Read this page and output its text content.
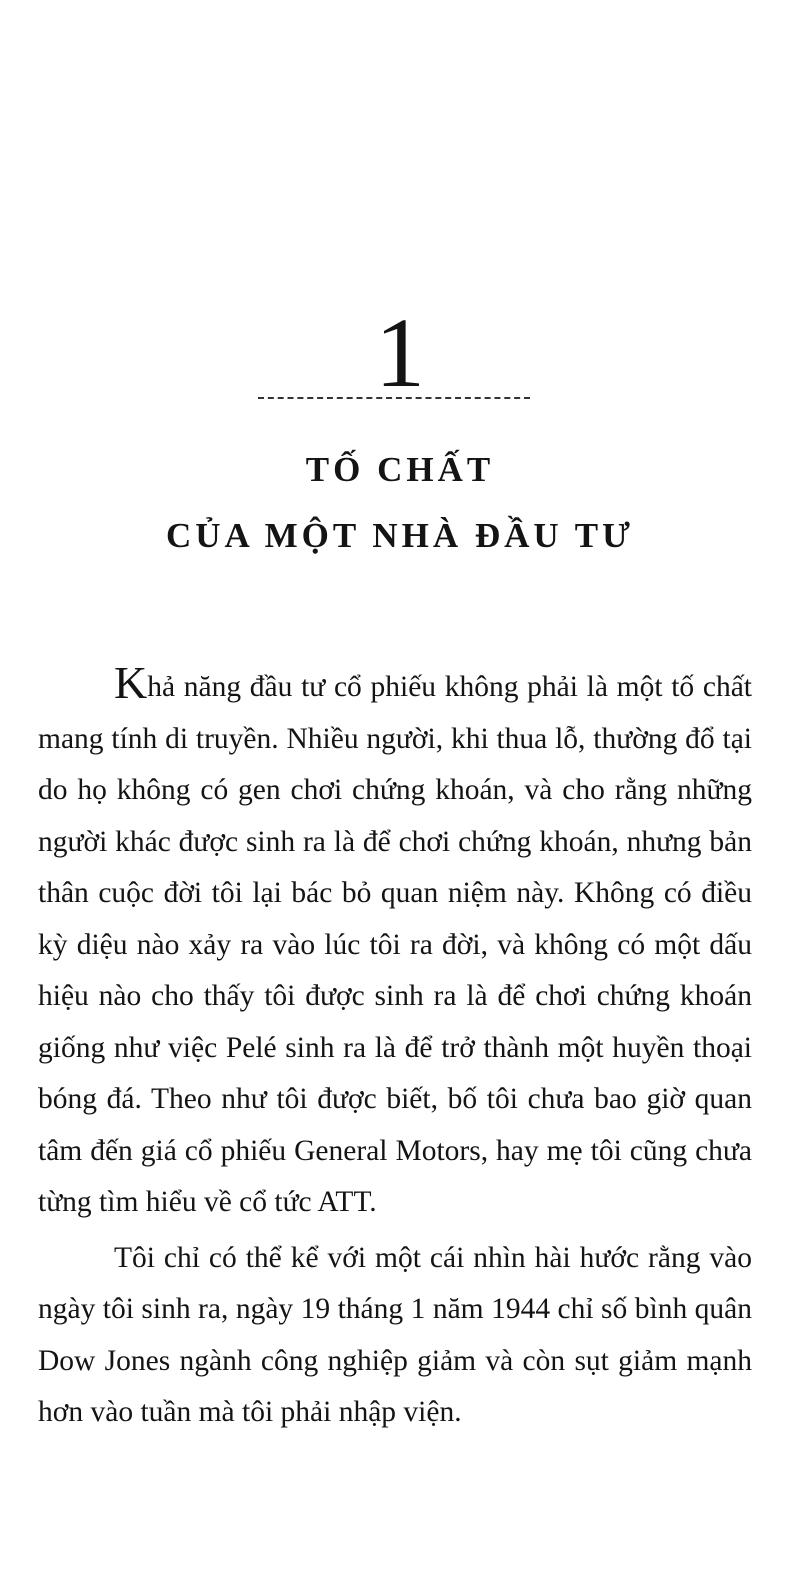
1
TỐ CHẤT
CỦA MỘT NHÀ ĐẦU TƯ

Khả năng đầu tư cổ phiếu không phải là một tố chất mang tính di truyền. Nhiều người, khi thua lỗ, thường đổ tại do họ không có gen chơi chứng khoán, và cho rằng những người khác được sinh ra là để chơi chứng khoán, nhưng bản thân cuộc đời tôi lại bác bỏ quan niệm này. Không có điều kỳ diệu nào xảy ra vào lúc tôi ra đời, và không có một dấu hiệu nào cho thấy tôi được sinh ra là để chơi chứng khoán giống như việc Pelé sinh ra là để trở thành một huyền thoại bóng đá. Theo như tôi được biết, bố tôi chưa bao giờ quan tâm đến giá cổ phiếu General Motors, hay mẹ tôi cũng chưa từng tìm hiểu về cổ tức ATT.

Tôi chỉ có thể kể với một cái nhìn hài hước rằng vào ngày tôi sinh ra, ngày 19 tháng 1 năm 1944 chỉ số bình quân Dow Jones ngành công nghiệp giảm và còn sụt giảm mạnh hơn vào tuần mà tôi phải nhập viện.
